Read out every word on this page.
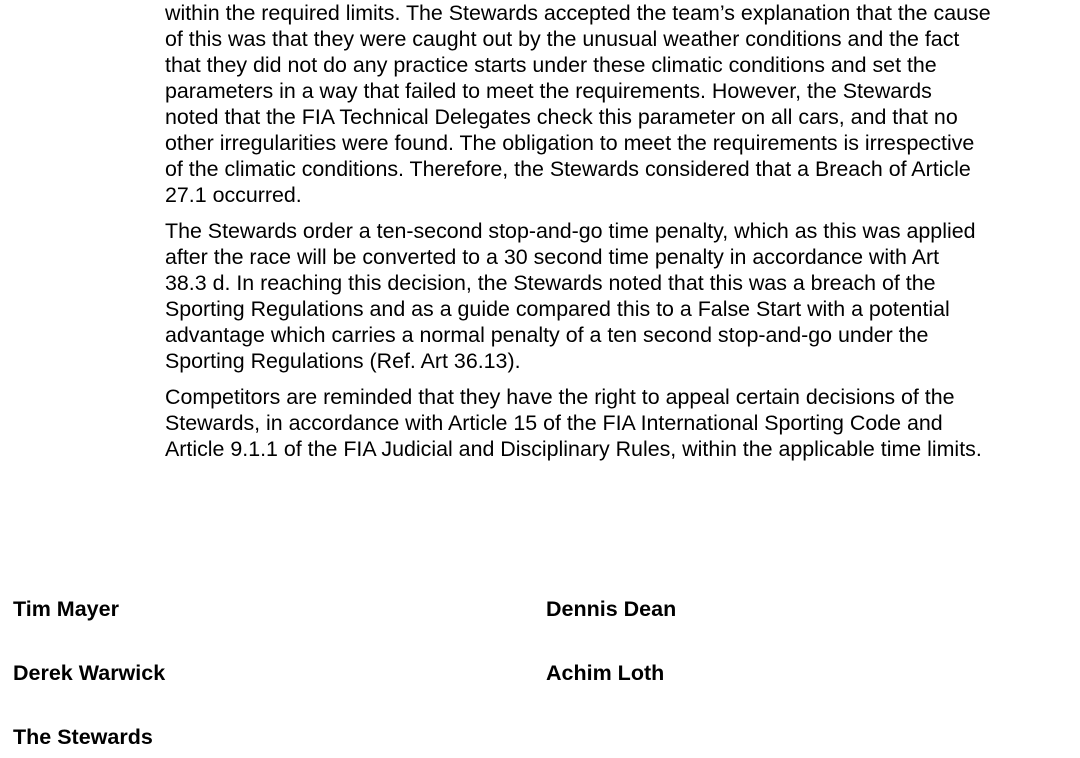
within the required limits. The Stewards accepted the team’s explanation that the cause
of this was that they were caught out by the unusual weather conditions and the fact
that they did not do any practice starts under these climatic conditions and set the
parameters in a way that failed to meet the requirements. However, the Stewards
noted that the FIA Technical Delegates check this parameter on all cars, and that no
other irregularities were found. The obligation to meet the requirements is irrespective
of the climatic conditions. Therefore, the Stewards considered that a Breach of Article
27.1 occurred.
The Stewards order a ten-second stop-and-go time penalty, which as this was applied
after the race will be converted to a 30 second time penalty in accordance with Art
38.3 d. In reaching this decision, the Stewards noted that this was a breach of the
Sporting Regulations and as a guide compared this to a False Start with a potential
advantage which carries a normal penalty of a ten second stop-and-go under the
Sporting Regulations (Ref. Art 36.13).
Competitors are reminded that they have the right to appeal certain decisions of the
Stewards, in accordance with Article 15 of the FIA International Sporting Code and
Article 9.1.1 of the FIA Judicial and Disciplinary Rules, within the applicable time limits.
Tim Mayer	Dennis Dean
Derek Warwick	Achim Loth
The Stewards
